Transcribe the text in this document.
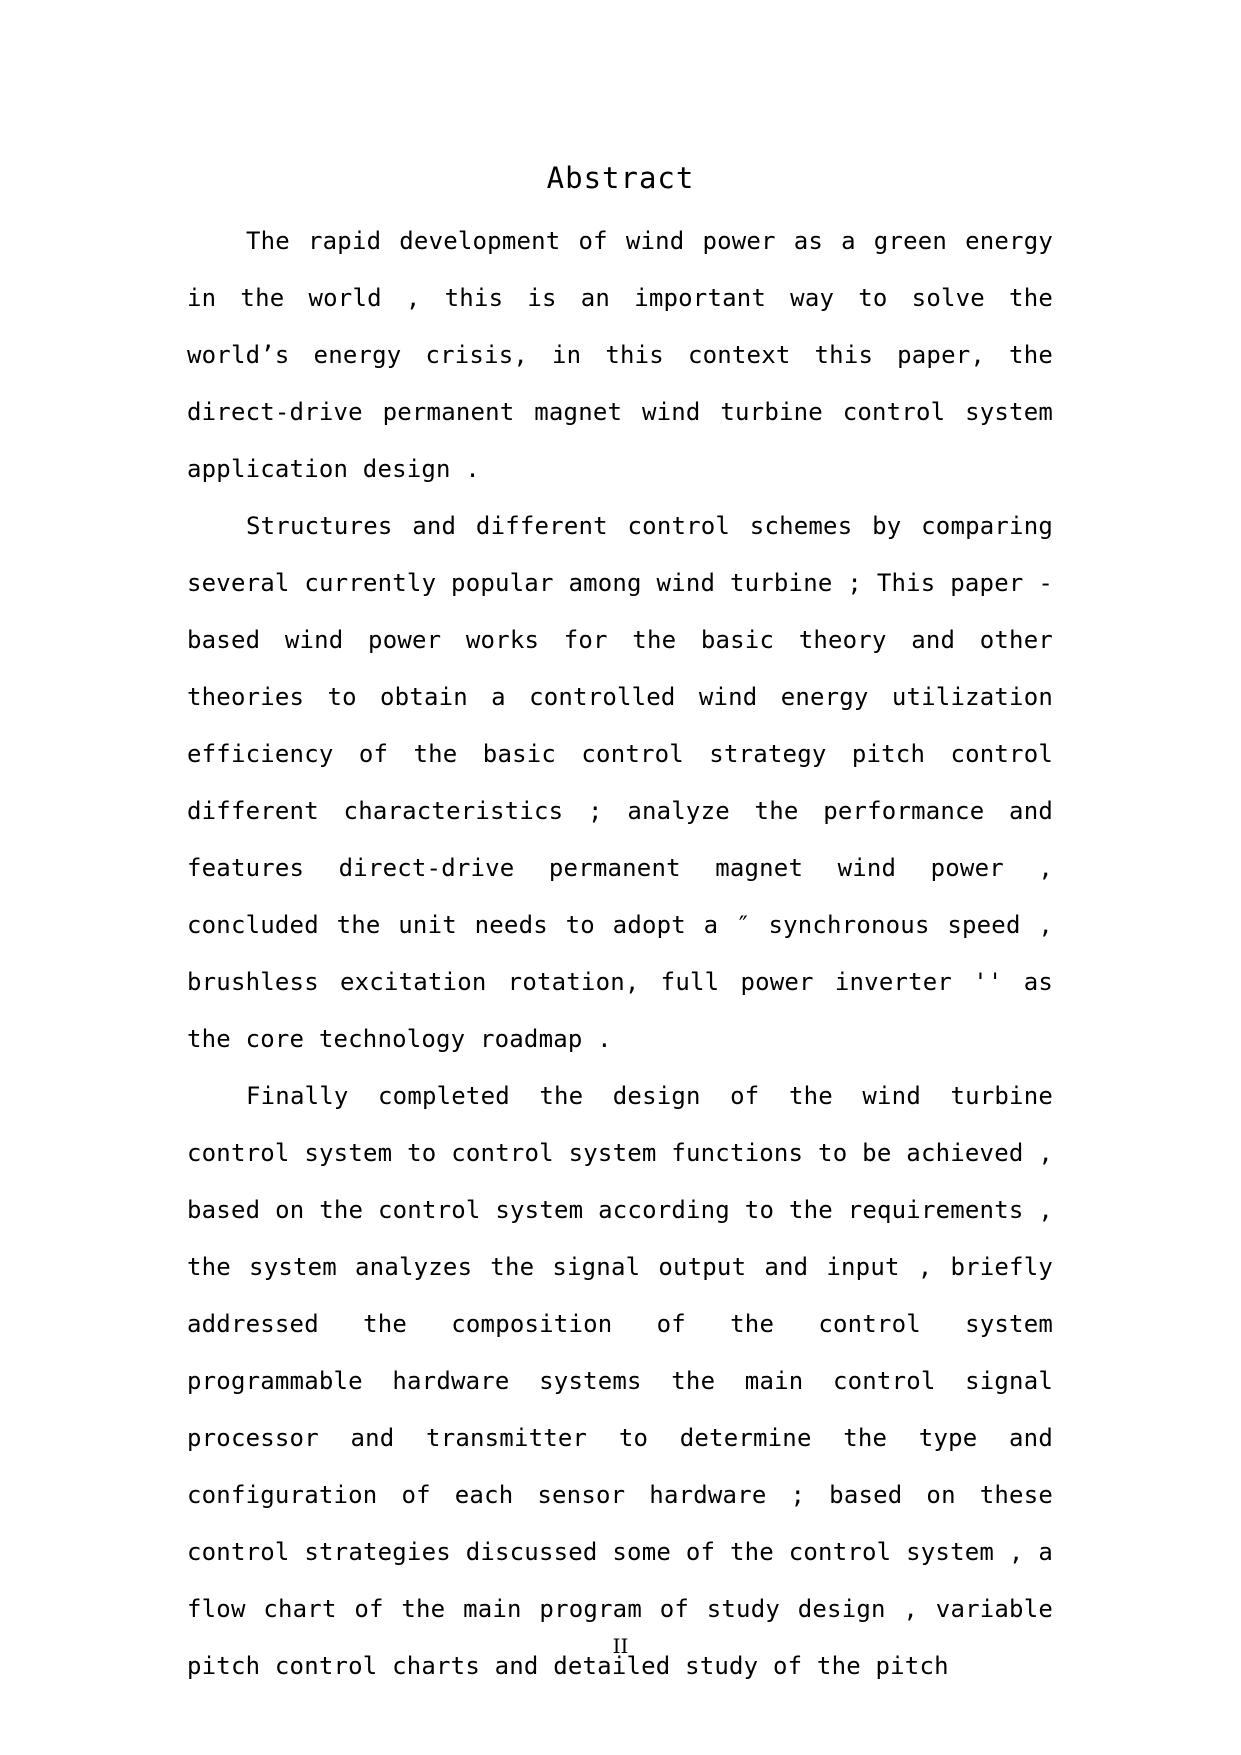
Abstract

The rapid development of wind power as a green energy in the world , this is an important way to solve the world’s energy crisis, in this context this paper, the direct-drive permanent magnet wind turbine control system application design .

Structures and different control schemes by comparing several currently popular among wind turbine ; This paper -based wind power works for the basic theory and other theories to obtain a controlled wind energy utilization efficiency of the basic control strategy pitch control different characteristics ; analyze the performance and features direct-drive permanent magnet wind power , concluded the unit needs to adopt a ″ synchronous speed , brushless excitation rotation, full power inverter '' as the core technology roadmap .

Finally completed the design of the wind turbine control system to control system functions to be achieved , based on the control system according to the requirements , the system analyzes the signal output and input , briefly addressed the composition of the control system programmable hardware systems the main control signal processor and transmitter to determine the type and configuration of each sensor hardware ; based on these control strategies discussed some of the control system , a flow chart of the main program of study design , variable pitch control charts and detailed study of the pitch

II
